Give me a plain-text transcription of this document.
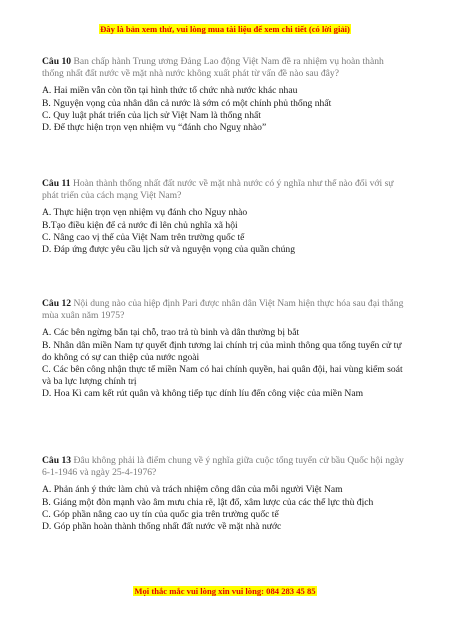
Đây là bản xem thử, vui lòng mua tài liệu để xem chi tiết (có lời giải)
Câu 10 Ban chấp hành Trung ương Đảng Lao động Việt Nam đề ra nhiệm vụ hoàn thành thống nhất đất nước về mặt nhà nước không xuất phát từ vấn đề nào sau đây?
A. Hai miền vẫn còn tồn tại hình thức tổ chức nhà nước khác nhau
B. Nguyện vọng của nhân dân cả nước là sớm có một chính phủ thống nhất
C. Quy luật phát triển của lịch sử Việt Nam là thống nhất
D. Để thực hiện trọn vẹn nhiệm vụ “đánh cho Nguỵ nhào”
Câu 11 Hoàn thành thống nhất đất nước về mặt nhà nước có ý nghĩa như thế nào đối với sự phát triển của cách mạng Việt Nam?
A. Thực hiện trọn vẹn nhiệm vụ đánh cho Nguy nhào
B.Tạo điều kiện để cả nước đi lên chủ nghĩa xã hội
C. Nâng cao vị thế của Việt Nam trên trường quốc tế
D. Đáp ứng được yêu cầu lịch sử và nguyện vọng của quần chúng
Câu 12 Nội dung nào của hiệp định Pari được nhân dân Việt Nam hiện thực hóa sau đại thắng mùa xuân năm 1975?
A. Các bên ngừng bắn tại chỗ, trao trả tù binh và dân thường bị bắt
B. Nhân dân miền Nam tự quyết định tương lai chính trị của mình thông qua tổng tuyển cử tự do không có sự can thiệp của nước ngoài
C. Các bên công nhận thực tế miền Nam có hai chính quyền, hai quân đội, hai vùng kiểm soát và ba lực lượng chính trị
D. Hoa Kì cam kết rút quân và không tiếp tục dính líu đến công việc của miền Nam
Câu 13 Đâu không phải là điểm chung về ý nghĩa giữa cuộc tổng tuyển cử bầu Quốc hội ngày 6-1-1946 và ngày 25-4-1976?
A. Phản ánh ý thức làm chủ và trách nhiệm công dân của mỗi người Việt Nam
B. Giáng một đòn mạnh vào âm mưu chia rẽ, lật đổ, xâm lược của các thế lực thù địch
C. Góp phần nâng cao uy tín của quốc gia trên trường quốc tế
D. Góp phần hoàn thành thống nhất đất nước về mặt nhà nước
Mọi thắc mắc vui lòng xin vui lòng: 084 283 45 85
